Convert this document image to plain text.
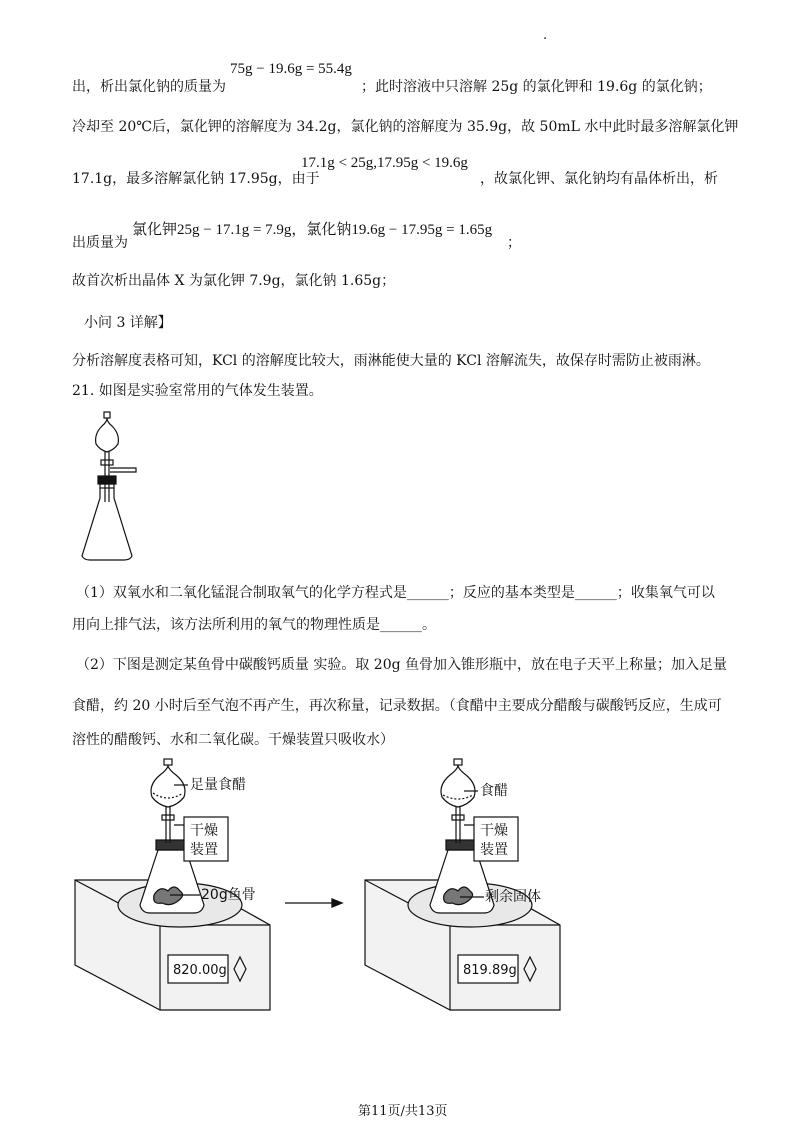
.
出，析出氯化钠的质量为
75g − 19.6g = 55.4g
；此时溶液中只溶解 25g 的氯化钾和 19.6g 的氯化钠；
冷却至 20℃后，氯化钾的溶解度为 34.2g，氯化钠的溶解度为 35.9g，故 50mL 水中此时最多溶解氯化钾
17.1g，最多溶解氯化钠 17.95g，由于
17.1g < 25g,17.95g < 19.6g
，故氯化钾、氯化钠均有晶体析出，析
出质量为
氯化钾25g − 17.1g = 7.9g，氯化钠19.6g − 17.95g = 1.65g
；
故首次析出晶体 X 为氯化钾 7.9g，氯化钠 1.65g；
小问 3 详解】
分析溶解度表格可知，KCl 的溶解度比较大，雨淋能使大量的 KCl 溶解流失，故保存时需防止被雨淋。
21. 如图是实验室常用的气体发生装置。
（1）双氧水和二氧化锰混合制取氧气的化学方程式是______；反应的基本类型是______；收集氧气可以
用向上排气法，该方法所利用的氧气的物理性质是______。
（2）下图是测定某鱼骨中碳酸钙质量 实验。取 20g 鱼骨加入锥形瓶中，放在电子天平上称量；加入足量
食醋，约 20 小时后至气泡不再产生，再次称量，记录数据。（食醋中主要成分醋酸与碳酸钙反应，生成可
溶性的醋酸钙、水和二氧化碳。干燥装置只吸收水）
足量食醋
干燥
装置
20g鱼骨
820.00g
食醋
干燥
装置
剩余固体
819.89g
第11页/共13页
